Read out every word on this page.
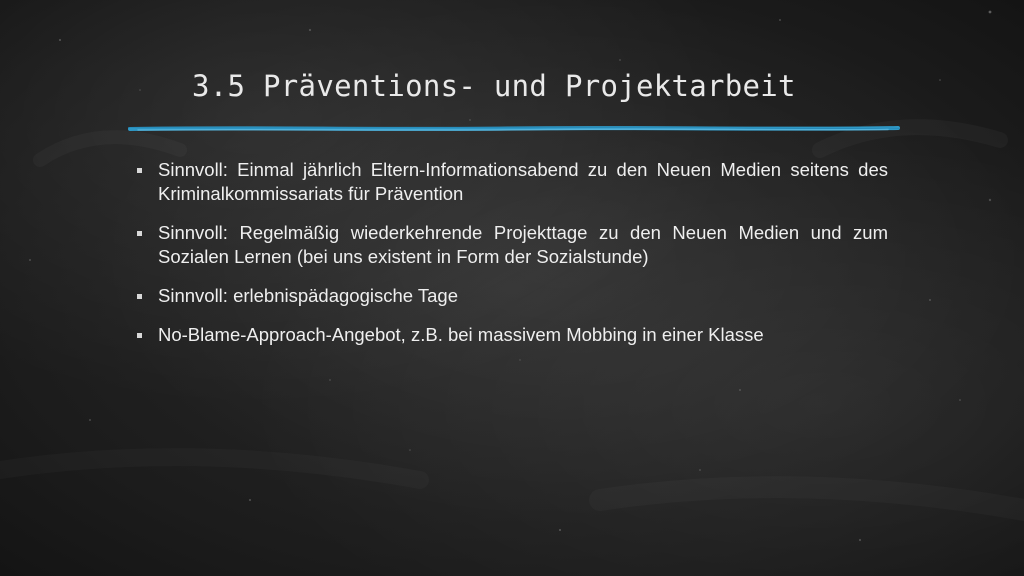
3.5 Präventions- und Projektarbeit
Sinnvoll: Einmal jährlich Eltern-Informationsabend zu den Neuen Medien seitens des Kriminalkommissariats für Prävention
Sinnvoll: Regelmäßig wiederkehrende Projekttage zu den Neuen Medien und zum Sozialen Lernen (bei uns existent in Form der Sozialstunde)
Sinnvoll: erlebnispädagogische Tage
No-Blame-Approach-Angebot, z.B. bei massivem Mobbing in einer Klasse
